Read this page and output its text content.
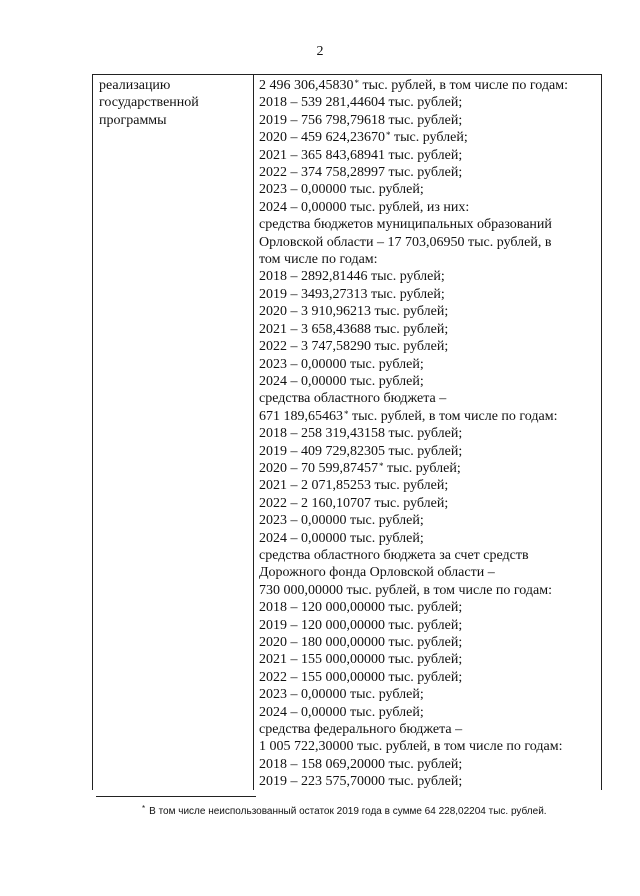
2
реализацию
государственной
программы
2 496 306,45830* тыс. рублей, в том числе по годам:
2018 – 539 281,44604 тыс. рублей;
2019 – 756 798,79618 тыс. рублей;
2020 – 459 624,23670* тыс. рублей;
2021 – 365 843,68941 тыс. рублей;
2022 – 374 758,28997 тыс. рублей;
2023 – 0,00000 тыс. рублей;
2024 – 0,00000 тыс. рублей, из них:
средства бюджетов муниципальных образований
Орловской области – 17 703,06950 тыс. рублей, в
том числе по годам:
2018 – 2892,81446 тыс. рублей;
2019 – 3493,27313 тыс. рублей;
2020 – 3 910,96213 тыс. рублей;
2021 – 3 658,43688 тыс. рублей;
2022 – 3 747,58290 тыс. рублей;
2023 – 0,00000 тыс. рублей;
2024 – 0,00000 тыс. рублей;
средства областного бюджета –
671 189,65463* тыс. рублей, в том числе по годам:
2018 – 258 319,43158 тыс. рублей;
2019 – 409 729,82305 тыс. рублей;
2020 – 70 599,87457* тыс. рублей;
2021 – 2 071,85253 тыс. рублей;
2022 – 2 160,10707 тыс. рублей;
2023 – 0,00000 тыс. рублей;
2024 – 0,00000 тыс. рублей;
средства областного бюджета за счет средств
Дорожного фонда Орловской области –
730 000,00000 тыс. рублей, в том числе по годам:
2018 – 120 000,00000 тыс. рублей;
2019 – 120 000,00000 тыс. рублей;
2020 – 180 000,00000 тыс. рублей;
2021 – 155 000,00000 тыс. рублей;
2022 – 155 000,00000 тыс. рублей;
2023 – 0,00000 тыс. рублей;
2024 – 0,00000 тыс. рублей;
средства федерального бюджета –
1 005 722,30000 тыс. рублей, в том числе по годам:
2018 – 158 069,20000 тыс. рублей;
2019 – 223 575,70000 тыс. рублей;
* В том числе неиспользованный остаток 2019 года в сумме 64 228,02204 тыс. рублей.
